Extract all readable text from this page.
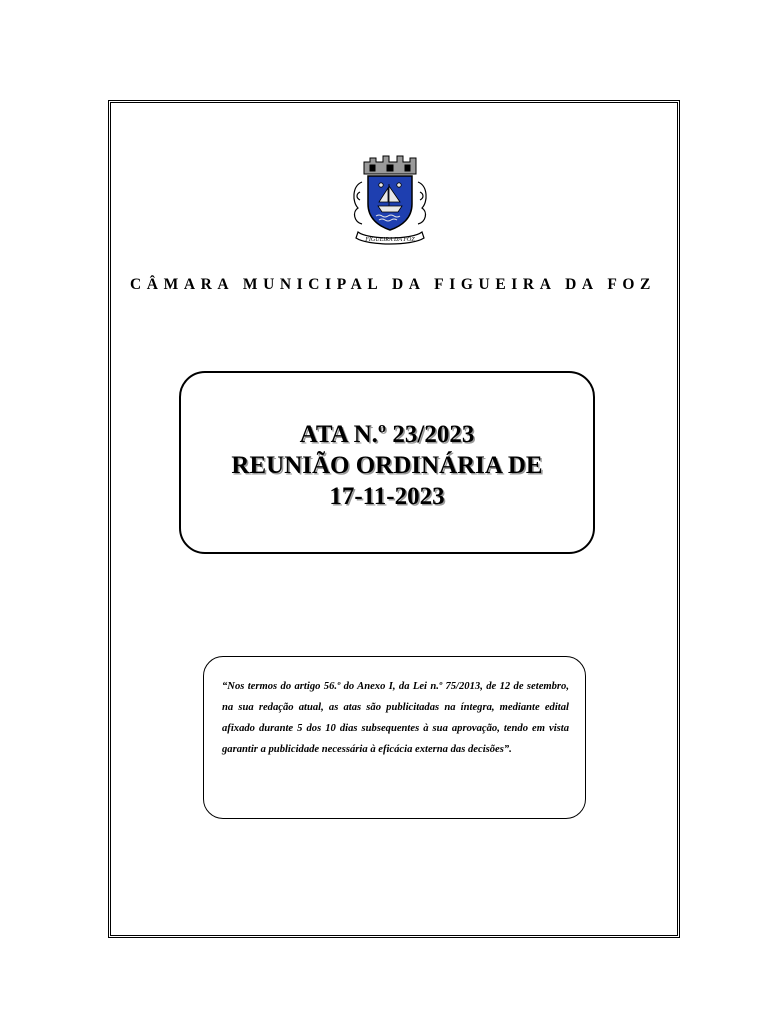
FIGUEIRA DA FOZ
CÂMARA MUNICIPAL DA FIGUEIRA DA FOZ
ATA N.º 23/2023
REUNIÃO ORDINÁRIA DE
17-11-2023
“Nos termos do artigo 56.º do Anexo I, da Lei n.º 75/2013, de 12 de setembro, na sua redação atual, as atas são publicitadas na íntegra, mediante edital afixado durante 5 dos 10 dias subsequentes à sua aprovação, tendo em vista garantir a publicidade necessária à eficácia externa das decisões”.
